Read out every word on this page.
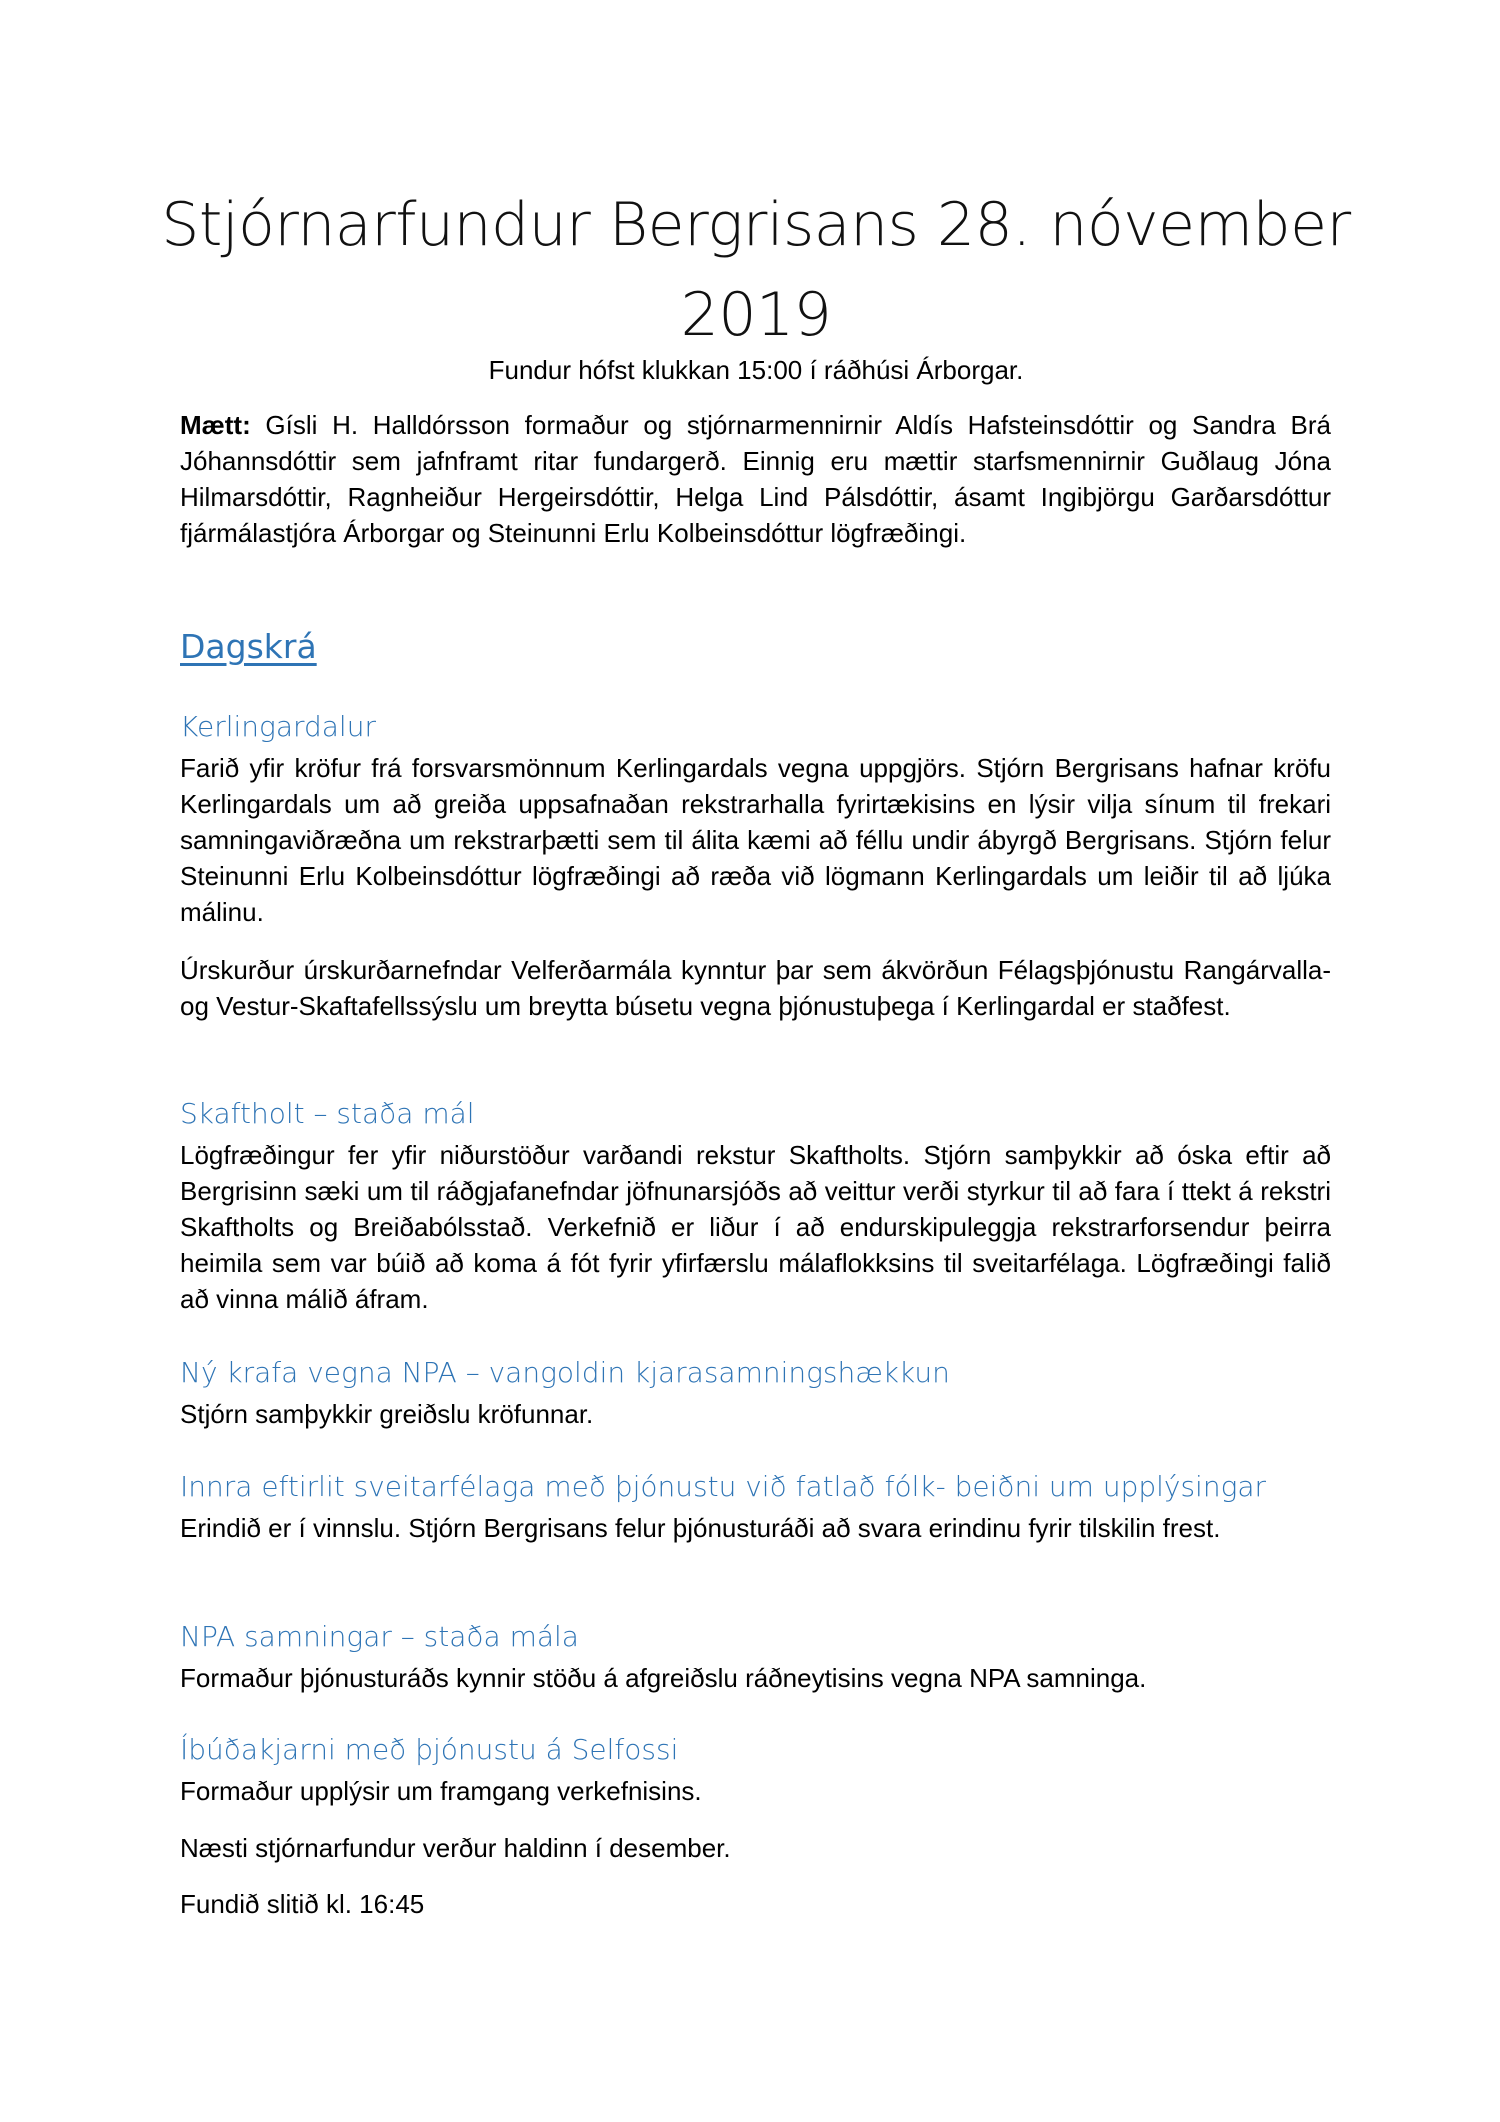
Stjórnarfundur Bergrisans 28. nóvember
2019
Fundur hófst klukkan 15:00 í ráðhúsi Árborgar.
Mætt: Gísli H. Halldórsson formaður og stjórnarmennirnir Aldís Hafsteinsdóttir og Sandra Brá Jóhannsdóttir sem jafnframt ritar fundargerð. Einnig eru mættir starfsmennirnir Guðlaug Jóna Hilmarsdóttir, Ragnheiður Hergeirsdóttir, Helga Lind Pálsdóttir, ásamt Ingibjörgu Garðarsdóttur fjármálastjóra Árborgar og Steinunni Erlu Kolbeinsdóttur lögfræðingi.
Dagskrá
Kerlingardalur
Farið yfir kröfur frá forsvarsmönnum Kerlingardals vegna uppgjörs. Stjórn Bergrisans hafnar kröfu Kerlingardals um að greiða uppsafnaðan rekstrarhalla fyrirtækisins en lýsir vilja sínum til frekari samningaviðræðna um rekstrarþætti sem til álita kæmi að féllu undir ábyrgð Bergrisans. Stjórn felur Steinunni Erlu Kolbeinsdóttur lögfræðingi að ræða við lögmann Kerlingardals um leiðir til að ljúka málinu.
Úrskurður úrskurðarnefndar Velferðarmála kynntur þar sem ákvörðun Félagsþjónustu Rangárvalla- og Vestur-Skaftafellssýslu um breytta búsetu vegna þjónustuþega í Kerlingardal er staðfest.
Skaftholt – staða mál
Lögfræðingur fer yfir niðurstöður varðandi rekstur Skaftholts. Stjórn samþykkir að óska eftir að Bergrisinn sæki um til ráðgjafanefndar jöfnunarsjóðs að veittur verði styrkur til að fara í ttekt á rekstri Skaftholts og Breiðabólsstað. Verkefnið er liður í að endurskipuleggja rekstrarforsendur þeirra heimila sem var búið að koma á fót fyrir yfirfærslu málaflokksins til sveitarfélaga. Lögfræðingi falið að vinna málið áfram.
Ný krafa vegna NPA – vangoldin kjarasamningshækkun
Stjórn samþykkir greiðslu kröfunnar.
Innra eftirlit sveitarfélaga með þjónustu við fatlað fólk- beiðni um upplýsingar
Erindið er í vinnslu. Stjórn Bergrisans felur þjónusturáði að svara erindinu fyrir tilskilin frest.
NPA samningar – staða mála
Formaður þjónusturáðs kynnir stöðu á afgreiðslu ráðneytisins vegna NPA samninga.
Íbúðakjarni með þjónustu á Selfossi
Formaður upplýsir um framgang verkefnisins.
Næsti stjórnarfundur verður haldinn í desember.
Fundið slitið kl. 16:45
